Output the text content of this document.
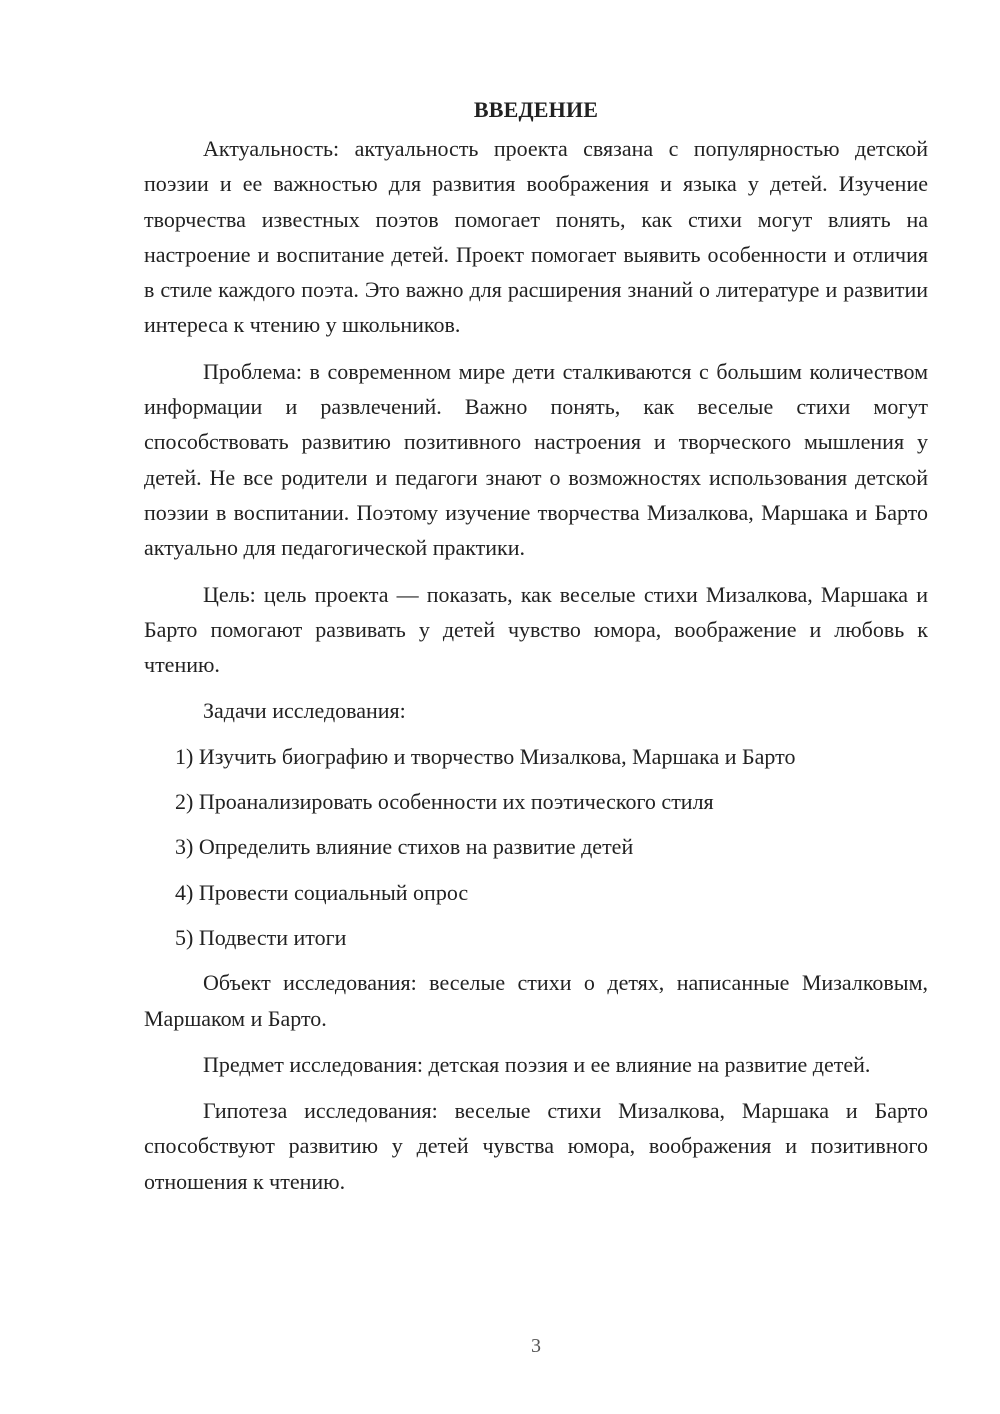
ВВЕДЕНИЕ

Актуальность: актуальность проекта связана с популярностью детской поэзии и ее важностью для развития воображения и языка у детей. Изучение творчества известных поэтов помогает понять, как стихи могут влиять на настроение и воспитание детей. Проект помогает выявить особенности и отличия в стиле каждого поэта. Это важно для расширения знаний о литературе и развитии интереса к чтению у школьников.

Проблема: в современном мире дети сталкиваются с большим количеством информации и развлечений. Важно понять, как веселые стихи могут способствовать развитию позитивного настроения и творческого мышления у детей. Не все родители и педагоги знают о возможностях использования детской поэзии в воспитании. Поэтому изучение творчества Мизалкова, Маршака и Барто актуально для педагогической практики.

Цель: цель проекта — показать, как веселые стихи Мизалкова, Маршака и Барто помогают развивать у детей чувство юмора, воображение и любовь к чтению.

Задачи исследования:

1) Изучить биографию и творчество Мизалкова, Маршака и Барто
2) Проанализировать особенности их поэтического стиля
3) Определить влияние стихов на развитие детей
4) Провести социальный опрос
5) Подвести итоги

Объект исследования: веселые стихи о детях, написанные Мизалковым, Маршаком и Барто.

Предмет исследования: детская поэзия и ее влияние на развитие детей.

Гипотеза исследования: веселые стихи Мизалкова, Маршака и Барто способствуют развитию у детей чувства юмора, воображения и позитивного отношения к чтению.

3
